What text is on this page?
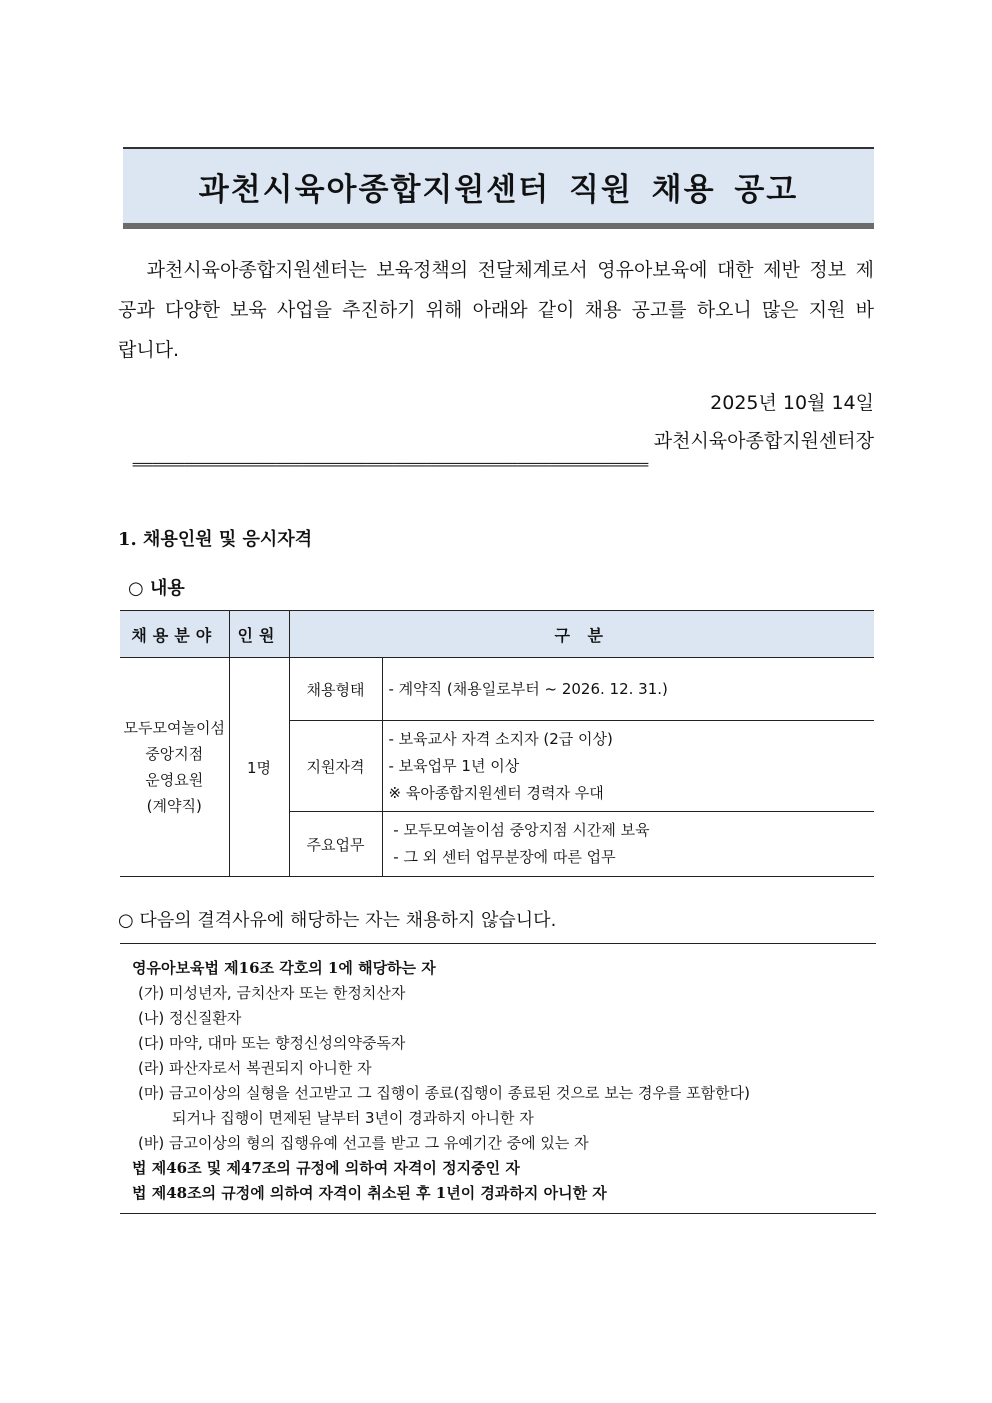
과천시육아종합지원센터 직원 채용 공고
과천시육아종합지원센터는 보육정책의 전달체계로서 영유아보육에 대한 제반 정보 제공과 다양한 보육 사업을 추진하기 위해 아래와 같이 채용 공고를 하오니 많은 지원 바랍니다.
2025년 10월 14일
과천시육아종합지원센터장
===============================================================================
1. 채용인원 및 응시자격
○ 내용
채용분야	인원	구 분	

모두모여놀이섬
중앙지점
운영요원
(계약직)	1명	채용형태	- 계약직 (채용일로부터 ~ 2026. 12. 31.)

		지원자격	- 보육교사 자격 소지자 (2급 이상)
- 보육업무 1년 이상
※ 육아종합지원센터 경력자 우대

		주요업무	- 모두모여놀이섬 중앙지점 시간제 보육
- 그 외 센터 업무분장에 따른 업무
○ 다음의 결격사유에 해당하는 자는 채용하지 않습니다.
영유아보육법 제16조 각호의 1에 해당하는 자
(가) 미성년자, 금치산자 또는 한정치산자
(나) 정신질환자
(다) 마약, 대마 또는 향정신성의약중독자
(라) 파산자로서 복권되지 아니한 자
(마) 금고이상의 실형을 선고받고 그 집행이 종료(집행이 종료된 것으로 보는 경우를 포함한다)
되거나 집행이 면제된 날부터 3년이 경과하지 아니한 자
(바) 금고이상의 형의 집행유예 선고를 받고 그 유예기간 중에 있는 자
법 제46조 및 제47조의 규정에 의하여 자격이 정지중인 자
법 제48조의 규정에 의하여 자격이 취소된 후 1년이 경과하지 아니한 자
